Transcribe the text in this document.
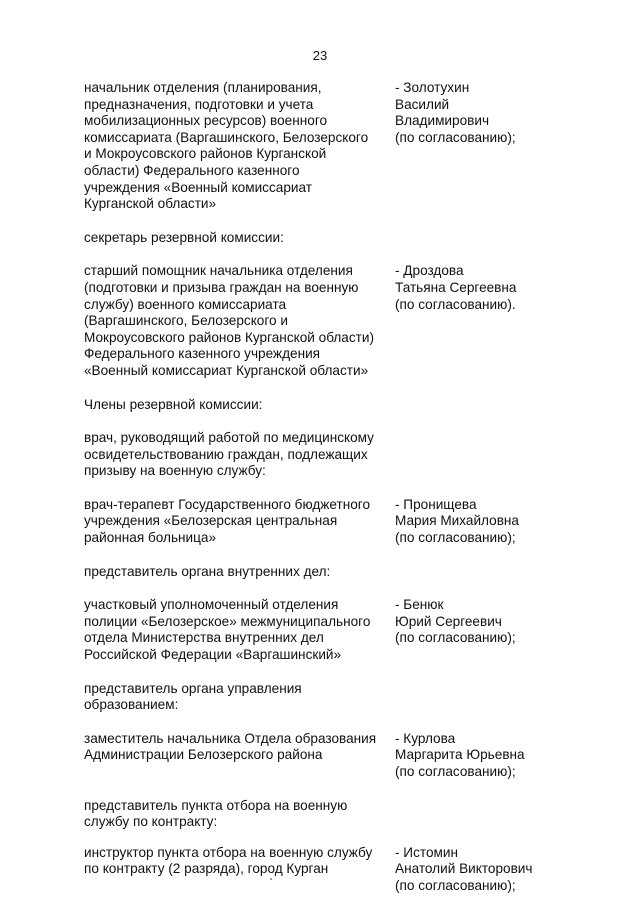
23
начальник отделения (планирования,
предназначения, подготовки и учета
мобилизационных ресурсов) военного
комиссариата (Варгашинского, Белозерского
и Мокроусовского районов Курганской
области) Федерального казенного
учреждения «Военный комиссариат
Курганской области»
- Золотухин
Василий Владимирович
(по согласованию);
секретарь резервной комиссии:
старший помощник начальника отделения
(подготовки и призыва граждан на военную
службу) военного комиссариата
(Варгашинского, Белозерского и
Мокроусовского районов Курганской области)
Федерального казенного учреждения
«Военный комиссариат Курганской области»
- Дроздова
Татьяна Сергеевна
(по согласованию).
Члены резервной комиссии:
врач, руководящий работой по медицинскому
освидетельствованию граждан, подлежащих
призыву на военную службу:
врач-терапевт Государственного бюджетного
учреждения «Белозерская центральная
районная больница»
- Пронищева
Мария Михайловна
(по согласованию);
представитель органа внутренних дел:
участковый уполномоченный отделения
полиции «Белозерское» межмуниципального
отдела Министерства внутренних дел
Российской Федерации «Варгашинский»
- Бенюк
Юрий Сергеевич
(по согласованию);
представитель органа управления
образованием:
заместитель начальника Отдела образования
Администрации Белозерского района
- Курлова
Маргарита Юрьевна
(по согласованию);
представитель пункта отбора на военную
службу по контракту:
инструктор пункта отбора на военную службу
по контракту (2 разряда), город Курган
- Истомин
Анатолий Викторович
(по согласованию);
